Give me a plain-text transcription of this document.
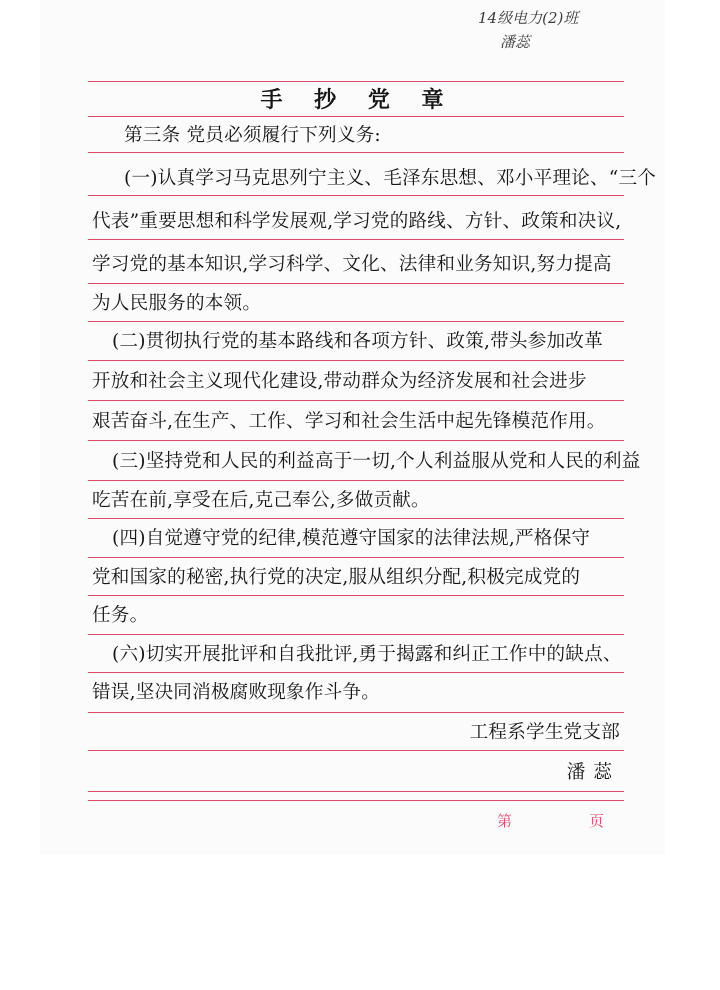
14级电力(2)班
潘蕊
手 抄 党 章
第三条 党员必须履行下列义务:
(一)认真学习马克思列宁主义、毛泽东思想、邓小平理论、“三个
代表”重要思想和科学发展观,学习党的路线、方针、政策和决议,
学习党的基本知识,学习科学、文化、法律和业务知识,努力提高
为人民服务的本领。
(二)贯彻执行党的基本路线和各项方针、政策,带头参加改革
开放和社会主义现代化建设,带动群众为经济发展和社会进步
艰苦奋斗,在生产、工作、学习和社会生活中起先锋模范作用。
(三)坚持党和人民的利益高于一切,个人利益服从党和人民的利益
吃苦在前,享受在后,克己奉公,多做贡献。
(四)自觉遵守党的纪律,模范遵守国家的法律法规,严格保守
党和国家的秘密,执行党的决定,服从组织分配,积极完成党的
任务。
(六)切实开展批评和自我批评,勇于揭露和纠正工作中的缺点、
错误,坚决同消极腐败现象作斗争。
工程系学生党支部
潘蕊
第	页
